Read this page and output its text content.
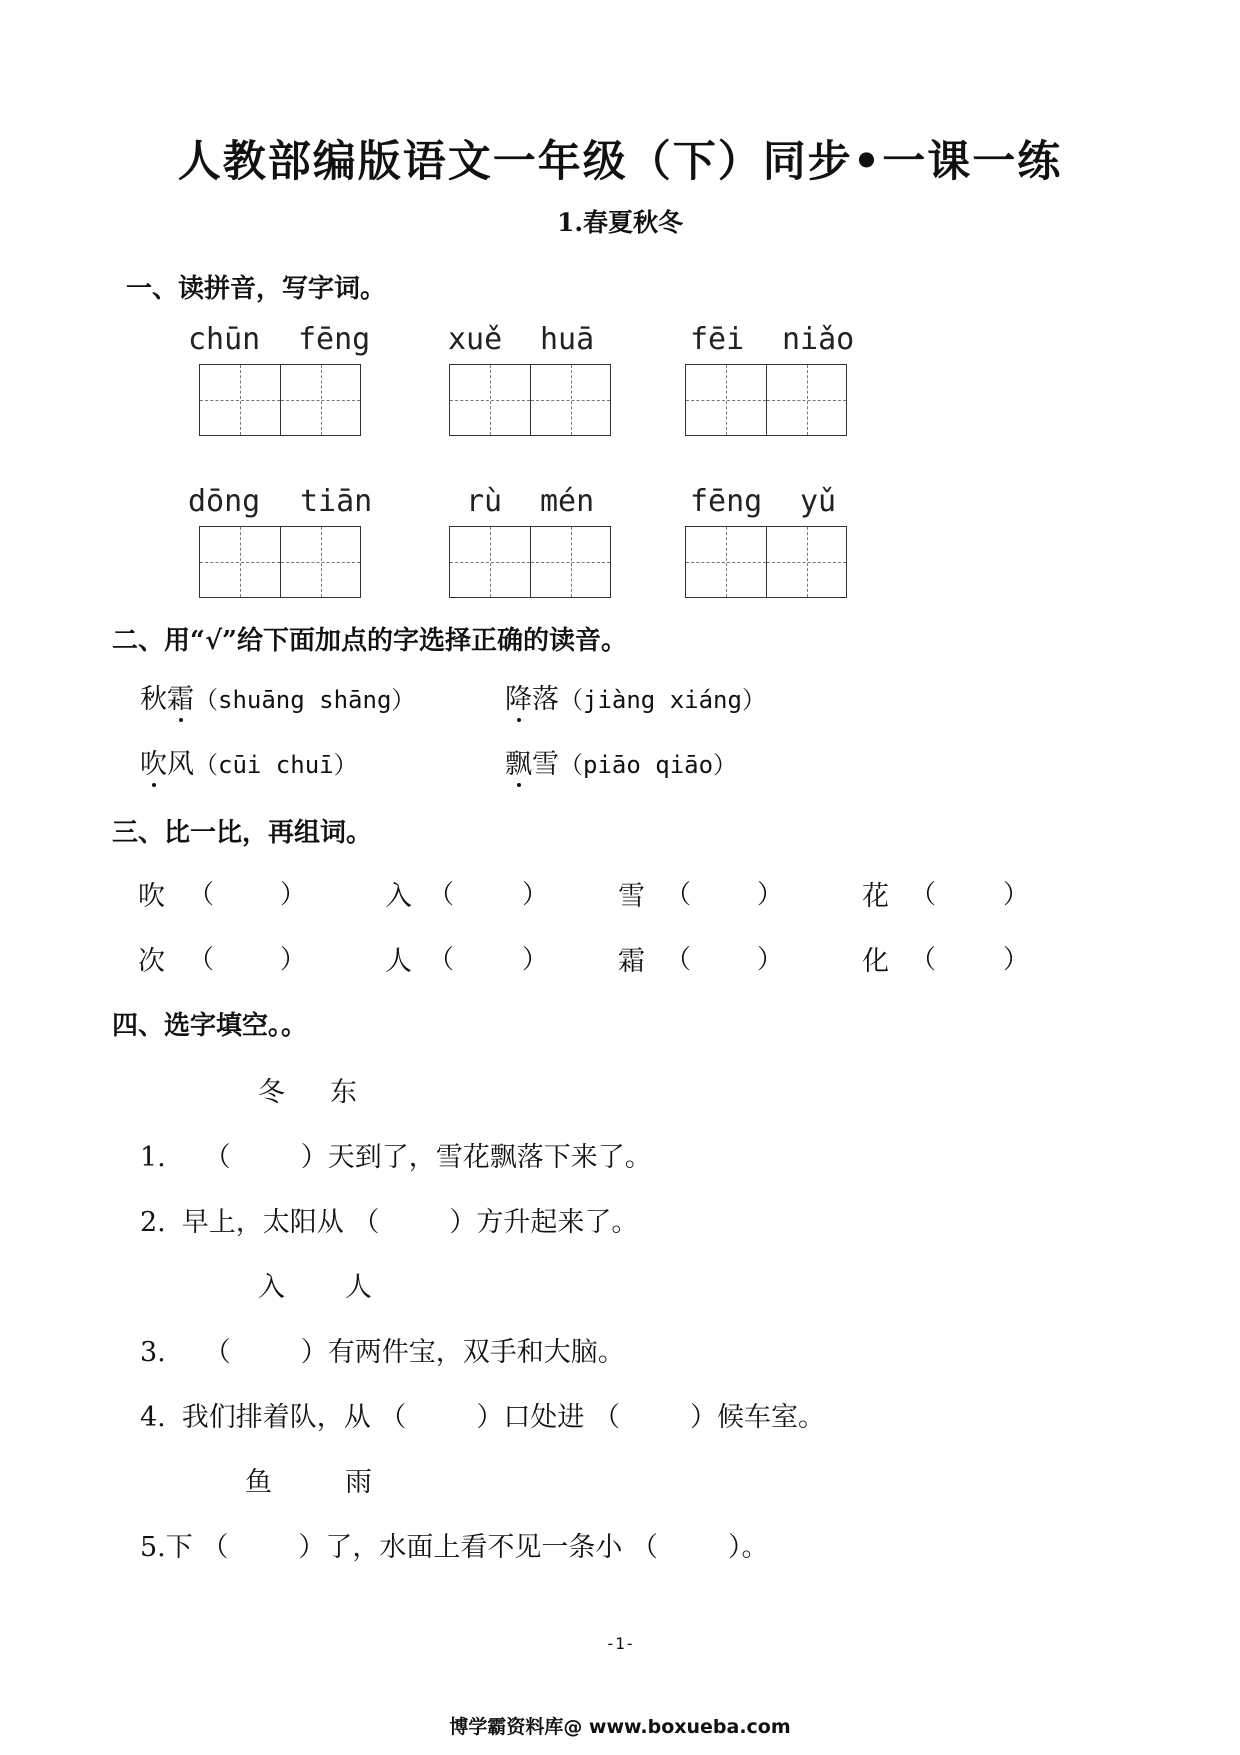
人教部编版语文一年级（下）同步•一课一练
1.春夏秋冬
一、读拼音，写字词。
chūn fēng	xuě huā	fēi niǎo
dōng tiān	rù mén	fēng yǔ
二、用“√”给下面加点的字选择正确的读音。
秋霜（shuāng shāng）	降落（jiàng xiáng）
吹风（cūi chuī）	飘雪（piāo qiāo）
三、比一比，再组词。
吹 （	）	入 （	）	雪 （	）	花 （	）
次 （	）	人 （	）	霜 （	）	化 （	）
四、选字填空。。
冬 东
1. （	）天到了，雪花飘落下来了。
2. 早上，太阳从 （	）方升起来了。
入 人
3. （	）有两件宝，双手和大脑。
4. 我们排着队，从 （	）口处进 （	）候车室。
鱼	雨
5.下 （	）了，水面上看不见一条小 （	）。
-1-
博学霸资料库@ www.boxueba.com
